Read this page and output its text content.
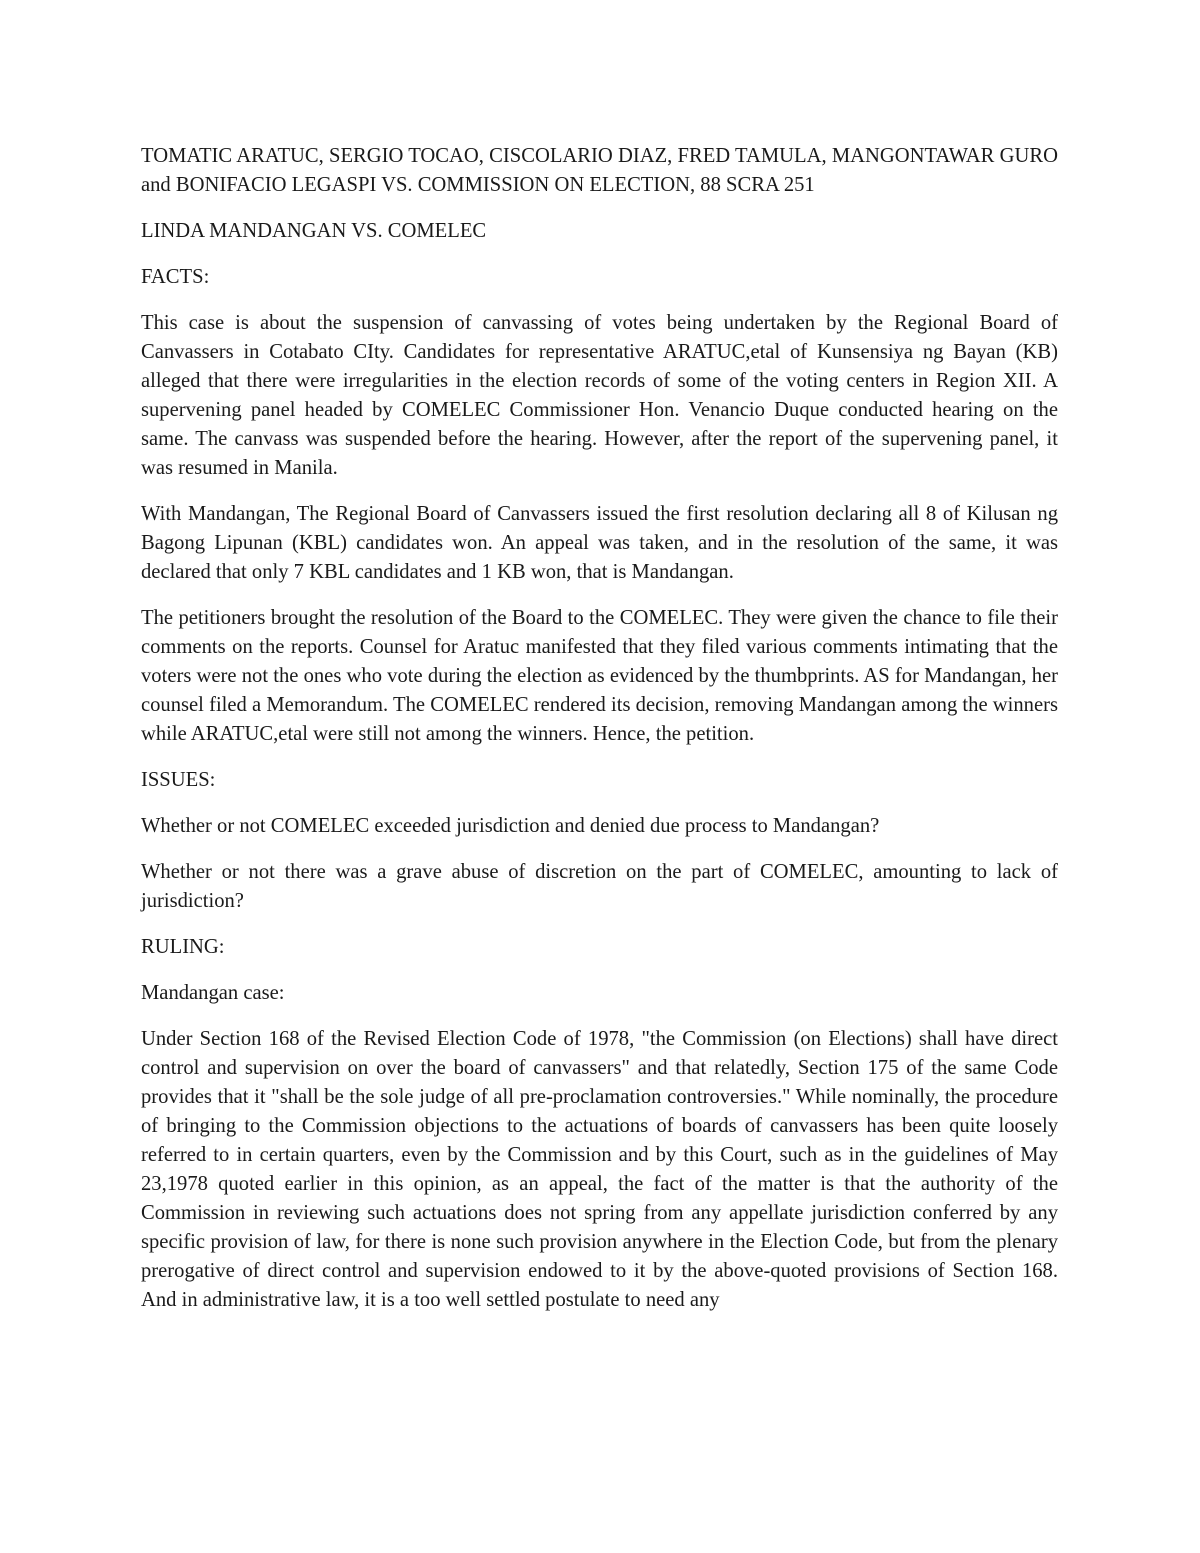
TOMATIC ARATUC, SERGIO TOCAO, CISCOLARIO DIAZ, FRED TAMULA, MANGONTAWAR GURO and BONIFACIO LEGASPI VS. COMMISSION ON ELECTION, 88 SCRA 251

LINDA MANDANGAN VS. COMELEC

FACTS:

This case is about the suspension of canvassing of votes being undertaken by the Regional Board of Canvassers in Cotabato CIty. Candidates for representative ARATUC,etal of Kunsensiya ng Bayan (KB) alleged that there were irregularities in the election records of some of the voting centers in Region XII. A supervening panel headed by COMELEC Commissioner Hon. Venancio Duque conducted hearing on the same. The canvass was suspended before the hearing. However, after the report of the supervening panel, it was resumed in Manila.

With Mandangan, The Regional Board of Canvassers issued the first resolution declaring all 8 of Kilusan ng Bagong Lipunan (KBL) candidates won. An appeal was taken, and in the resolution of the same, it was declared that only 7 KBL candidates and 1 KB won, that is Mandangan.

The petitioners brought the resolution of the Board to the COMELEC. They were given the chance to file their comments on the reports. Counsel for Aratuc manifested that they filed various comments intimating that the voters were not the ones who vote during the election as evidenced by the thumbprints. AS for Mandangan, her counsel filed a Memorandum. The COMELEC rendered its decision, removing Mandangan among the winners while ARATUC,etal were still not among the winners. Hence, the petition.

ISSUES:

Whether or not COMELEC exceeded jurisdiction and denied due process to Mandangan?

Whether or not there was a grave abuse of discretion on the part of COMELEC, amounting to lack of jurisdiction?

RULING:

Mandangan case:

Under Section 168 of the Revised Election Code of 1978, "the Commission (on Elections) shall have direct control and supervision on over the board of canvassers" and that relatedly, Section 175 of the same Code provides that it "shall be the sole judge of all pre-proclamation controversies." While nominally, the procedure of bringing to the Commission objections to the actuations of boards of canvassers has been quite loosely referred to in certain quarters, even by the Commission and by this Court, such as in the guidelines of May 23,1978 quoted earlier in this opinion, as an appeal, the fact of the matter is that the authority of the Commission in reviewing such actuations does not spring from any appellate jurisdiction conferred by any specific provision of law, for there is none such provision anywhere in the Election Code, but from the plenary prerogative of direct control and supervision endowed to it by the above-quoted provisions of Section 168. And in administrative law, it is a too well settled postulate to need any
